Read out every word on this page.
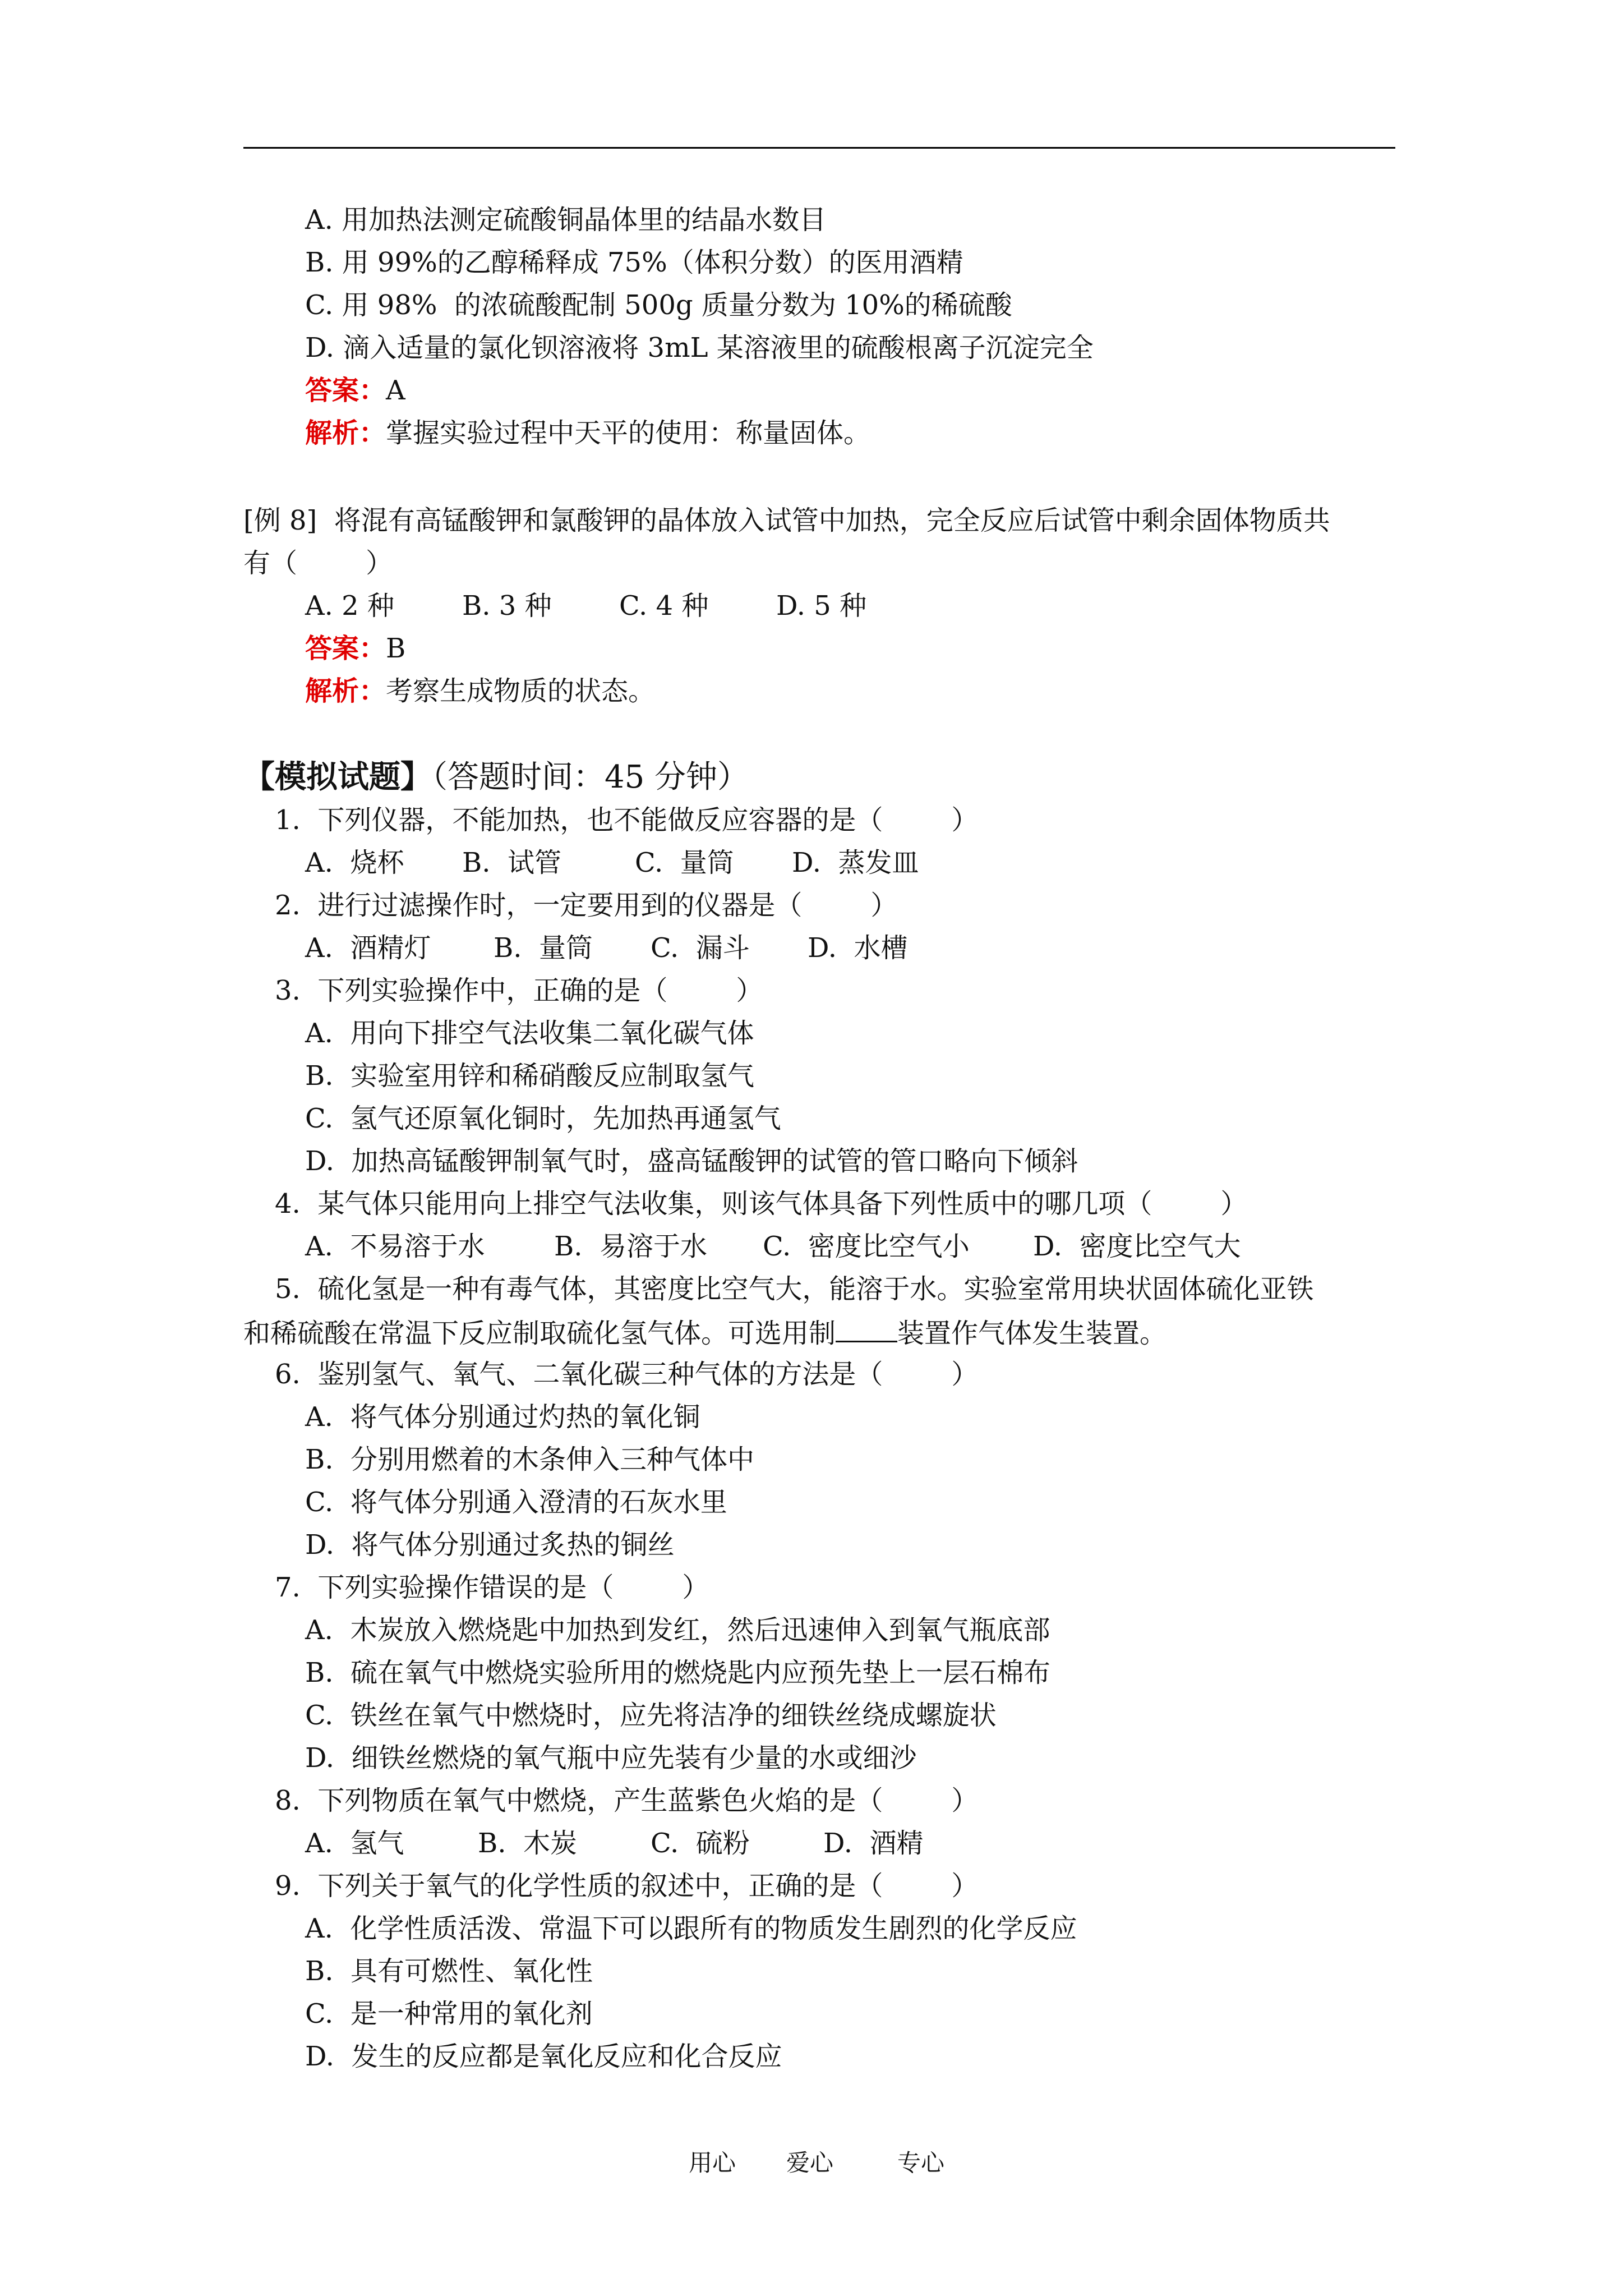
A. 用加热法测定硫酸铜晶体里的结晶水数目
B. 用 99%的乙醇稀释成 75%（体积分数）的医用酒精
C. 用 98%  的浓硫酸配制 500g 质量分数为 10%的稀硫酸
D. 滴入适量的氯化钡溶液将 3mL 某溶液里的硫酸根离子沉淀完全
答案：A
解析：掌握实验过程中天平的使用：称量固体。
[例 8]  将混有高锰酸钾和氯酸钾的晶体放入试管中加热，完全反应后试管中剩余固体物质共
有（        ）
A. 2 种	B. 3 种	C. 4 种	D. 5 种
答案：B
解析：考察生成物质的状态。
【模拟试题】（答题时间：45 分钟）
1.  下列仪器，不能加热，也不能做反应容器的是（        ）
A.  烧杯 B.  试管	C.  量筒 D.  蒸发皿
2.  进行过滤操作时，一定要用到的仪器是（        ）
A.  酒精灯 B.  量筒 C.  漏斗 D.  水槽
3.  下列实验操作中，正确的是（        ）
A.  用向下排空气法收集二氧化碳气体
B.  实验室用锌和稀硝酸反应制取氢气
C.  氢气还原氧化铜时，先加热再通氢气
D.  加热高锰酸钾制氧气时，盛高锰酸钾的试管的管口略向下倾斜
4.  某气体只能用向上排空气法收集，则该气体具备下列性质中的哪几项（        ）
A.  不易溶于水	B.  易溶于水 C.  密度比空气小 D.  密度比空气大
5.  硫化氢是一种有毒气体，其密度比空气大，能溶于水。实验室常用块状固体硫化亚铁
和稀硫酸在常温下反应制取硫化氢气体。可选用制 装置作气体发生装置。
6.  鉴别氢气、氧气、二氧化碳三种气体的方法是（        ）
A.  将气体分别通过灼热的氧化铜
B.  分别用燃着的木条伸入三种气体中
C.  将气体分别通入澄清的石灰水里
D.  将气体分别通过炙热的铜丝
7.  下列实验操作错误的是（        ）
A.  木炭放入燃烧匙中加热到发红，然后迅速伸入到氧气瓶底部
B.  硫在氧气中燃烧实验所用的燃烧匙内应预先垫上一层石棉布
C.  铁丝在氧气中燃烧时，应先将洁净的细铁丝绕成螺旋状
D.  细铁丝燃烧的氧气瓶中应先装有少量的水或细沙
8.  下列物质在氧气中燃烧，产生蓝紫色火焰的是（        ）
A.  氢气	B.  木炭	C.  硫粉	D.  酒精
9.  下列关于氧气的化学性质的叙述中，正确的是（        ）
A.  化学性质活泼、常温下可以跟所有的物质发生剧烈的化学反应
B.  具有可燃性、氧化性
C.  是一种常用的氧化剂
D.  发生的反应都是氧化反应和化合反应
用心 爱心	专心
